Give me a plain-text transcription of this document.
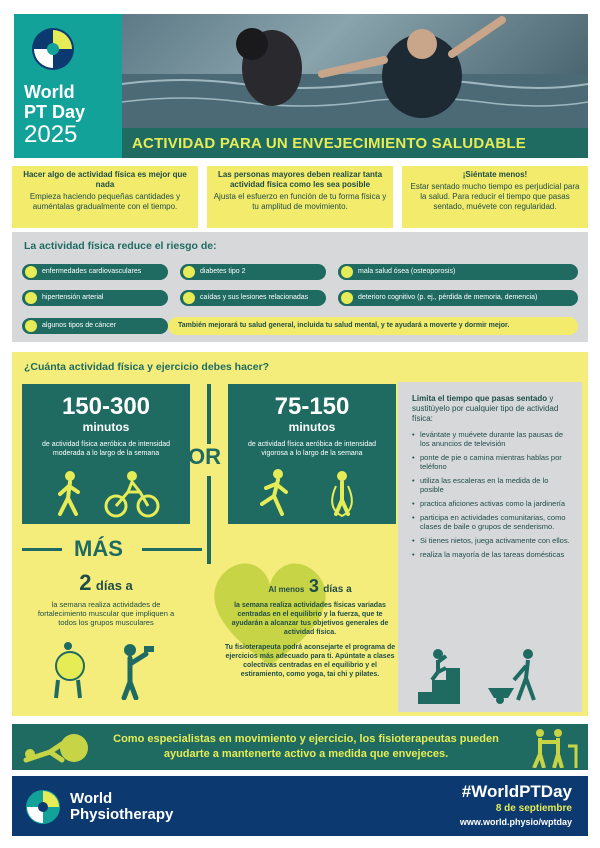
World
PT Day
2025	ACTIVIDAD PARA UN ENVEJECIMIENTO SALUDABLE
Hacer algo de actividad física es mejor que nada
Empieza haciendo pequeñas cantidades y auméntalas gradualmente con el tiempo.
Las personas mayores deben realizar tanta actividad física como les sea posible
Ajusta el esfuerzo en función de tu forma física y tu amplitud de movimiento.
¡Siéntate menos!
Estar sentado mucho tiempo es perjudicial para la salud. Para reducir el tiempo que pasas sentado, muévete con regularidad.
La actividad física reduce el riesgo de:
enfermedades cardiovasculares	diabetes tipo 2	mala salud ósea (osteoporosis)
hipertensión arterial	caídas y sus lesiones relacionadas	deterioro cognitivo (p. ej., pérdida de memoria, demencia)
algunos tipos de cáncer	También mejorará tu salud general, incluida tu salud mental, y te ayudará a moverte y dormir mejor.
¿Cuánta actividad física y ejercicio debes hacer?
150-300
minutos
de actividad física aeróbica de intensidad moderada a lo largo de la semana	OR
75-150
minutos
de actividad física aeróbica de intensidad vigorosa a lo largo de la semana
MÁS
2 días a
la semana realiza actividades de fortalecimiento muscular que impliquen a todos los grupos musculares
Al menos 3 días a
la semana realiza actividades físicas variadas centradas en el equilibrio y la fuerza, que te ayudarán a alcanzar tus objetivos generales de actividad física.
Tu fisioterapeuta podrá aconsejarte el programa de ejercicios más adecuado para ti. Apúntate a clases colectivas centradas en el equilibrio y el estiramiento, como yoga, tai chi y pilates.
Limita el tiempo que pasas sentado y sustitúyelo por cualquier tipo de actividad física:
• levántate y muévete durante las pausas de los anuncios de televisión
• ponte de pie o camina mientras hablas por teléfono
• utiliza las escaleras en la medida de lo posible
• practica aficiones activas como la jardinería
• participa en actividades comunitarias, como clases de baile o grupos de senderismo.
• Si tienes nietos, juega activamente con ellos.
• realiza la mayoría de las tareas domésticas
Como especialistas en movimiento y ejercicio, los fisioterapeutas pueden ayudarte a mantenerte activo a medida que envejeces.
World
Physiotherapy
#WorldPTDay
8 de septiembre
www.world.physio/wptday
